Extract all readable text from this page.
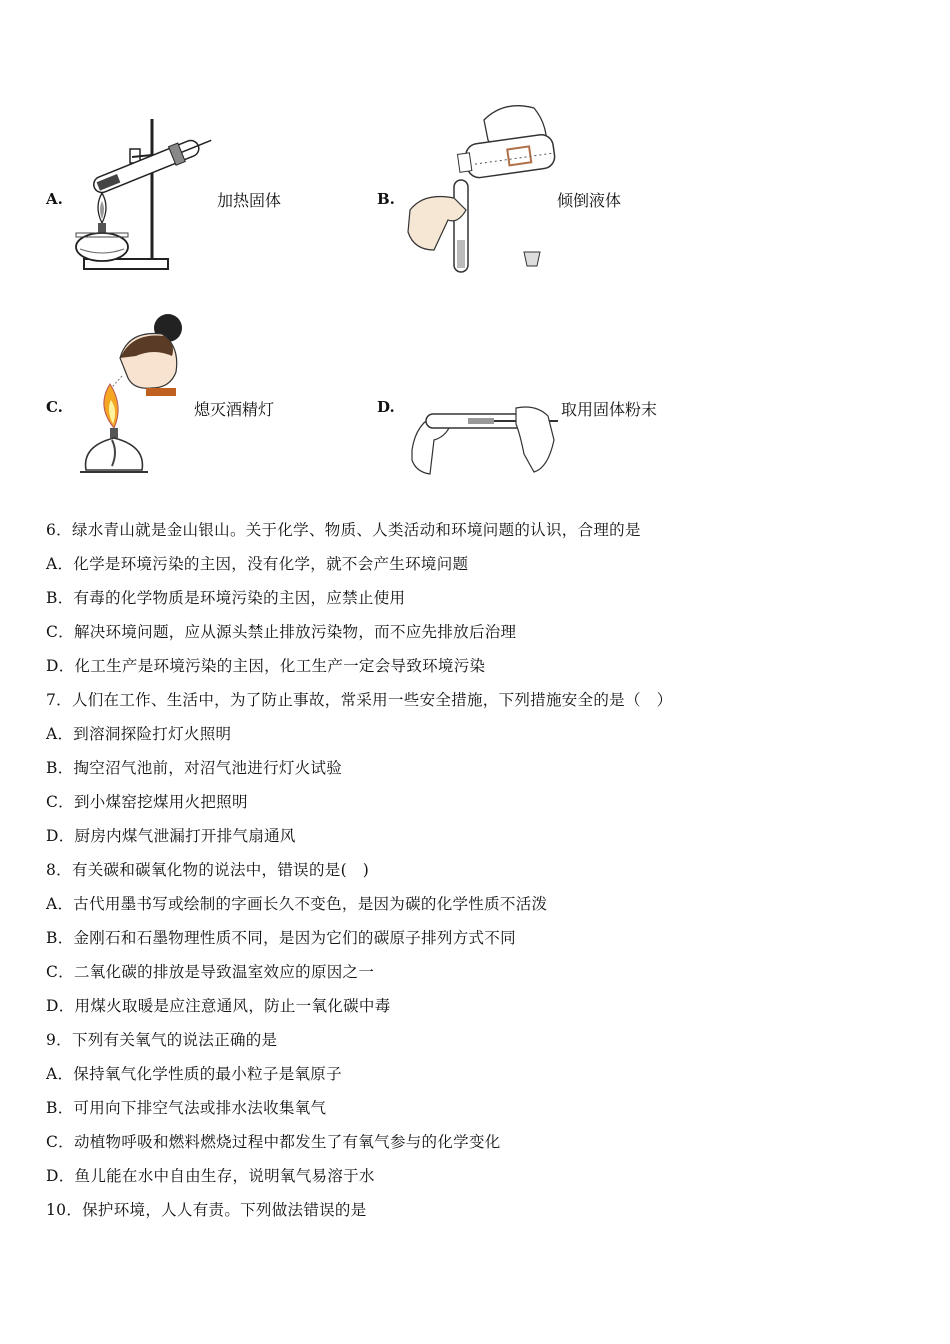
A.	加热固体	B.	倾倒液体
C.	熄灭酒精灯	D.	取用固体粉末
6．绿水青山就是金山银山。关于化学、物质、人类活动和环境问题的认识，合理的是
A．化学是环境污染的主因，没有化学，就不会产生环境问题
B．有毒的化学物质是环境污染的主因，应禁止使用
C．解决环境问题，应从源头禁止排放污染物，而不应先排放后治理
D．化工生产是环境污染的主因，化工生产一定会导致环境污染
7．人们在工作、生活中，为了防止事故，常采用一些安全措施，下列措施安全的是（　）
A．到溶洞探险打灯火照明
B．掏空沼气池前，对沼气池进行灯火试验
C．到小煤窑挖煤用火把照明
D．厨房内煤气泄漏打开排气扇通风
8．有关碳和碳氧化物的说法中，错误的是(　)
A．古代用墨书写或绘制的字画长久不变色，是因为碳的化学性质不活泼
B．金刚石和石墨物理性质不同，是因为它们的碳原子排列方式不同
C．二氧化碳的排放是导致温室效应的原因之一
D．用煤火取暖是应注意通风，防止一氧化碳中毒
9．下列有关氧气的说法正确的是
A．保持氧气化学性质的最小粒子是氧原子
B．可用向下排空气法或排水法收集氧气
C．动植物呼吸和燃料燃烧过程中都发生了有氧气参与的化学变化
D．鱼儿能在水中自由生存，说明氧气易溶于水
10．保护环境，人人有责。下列做法错误的是
